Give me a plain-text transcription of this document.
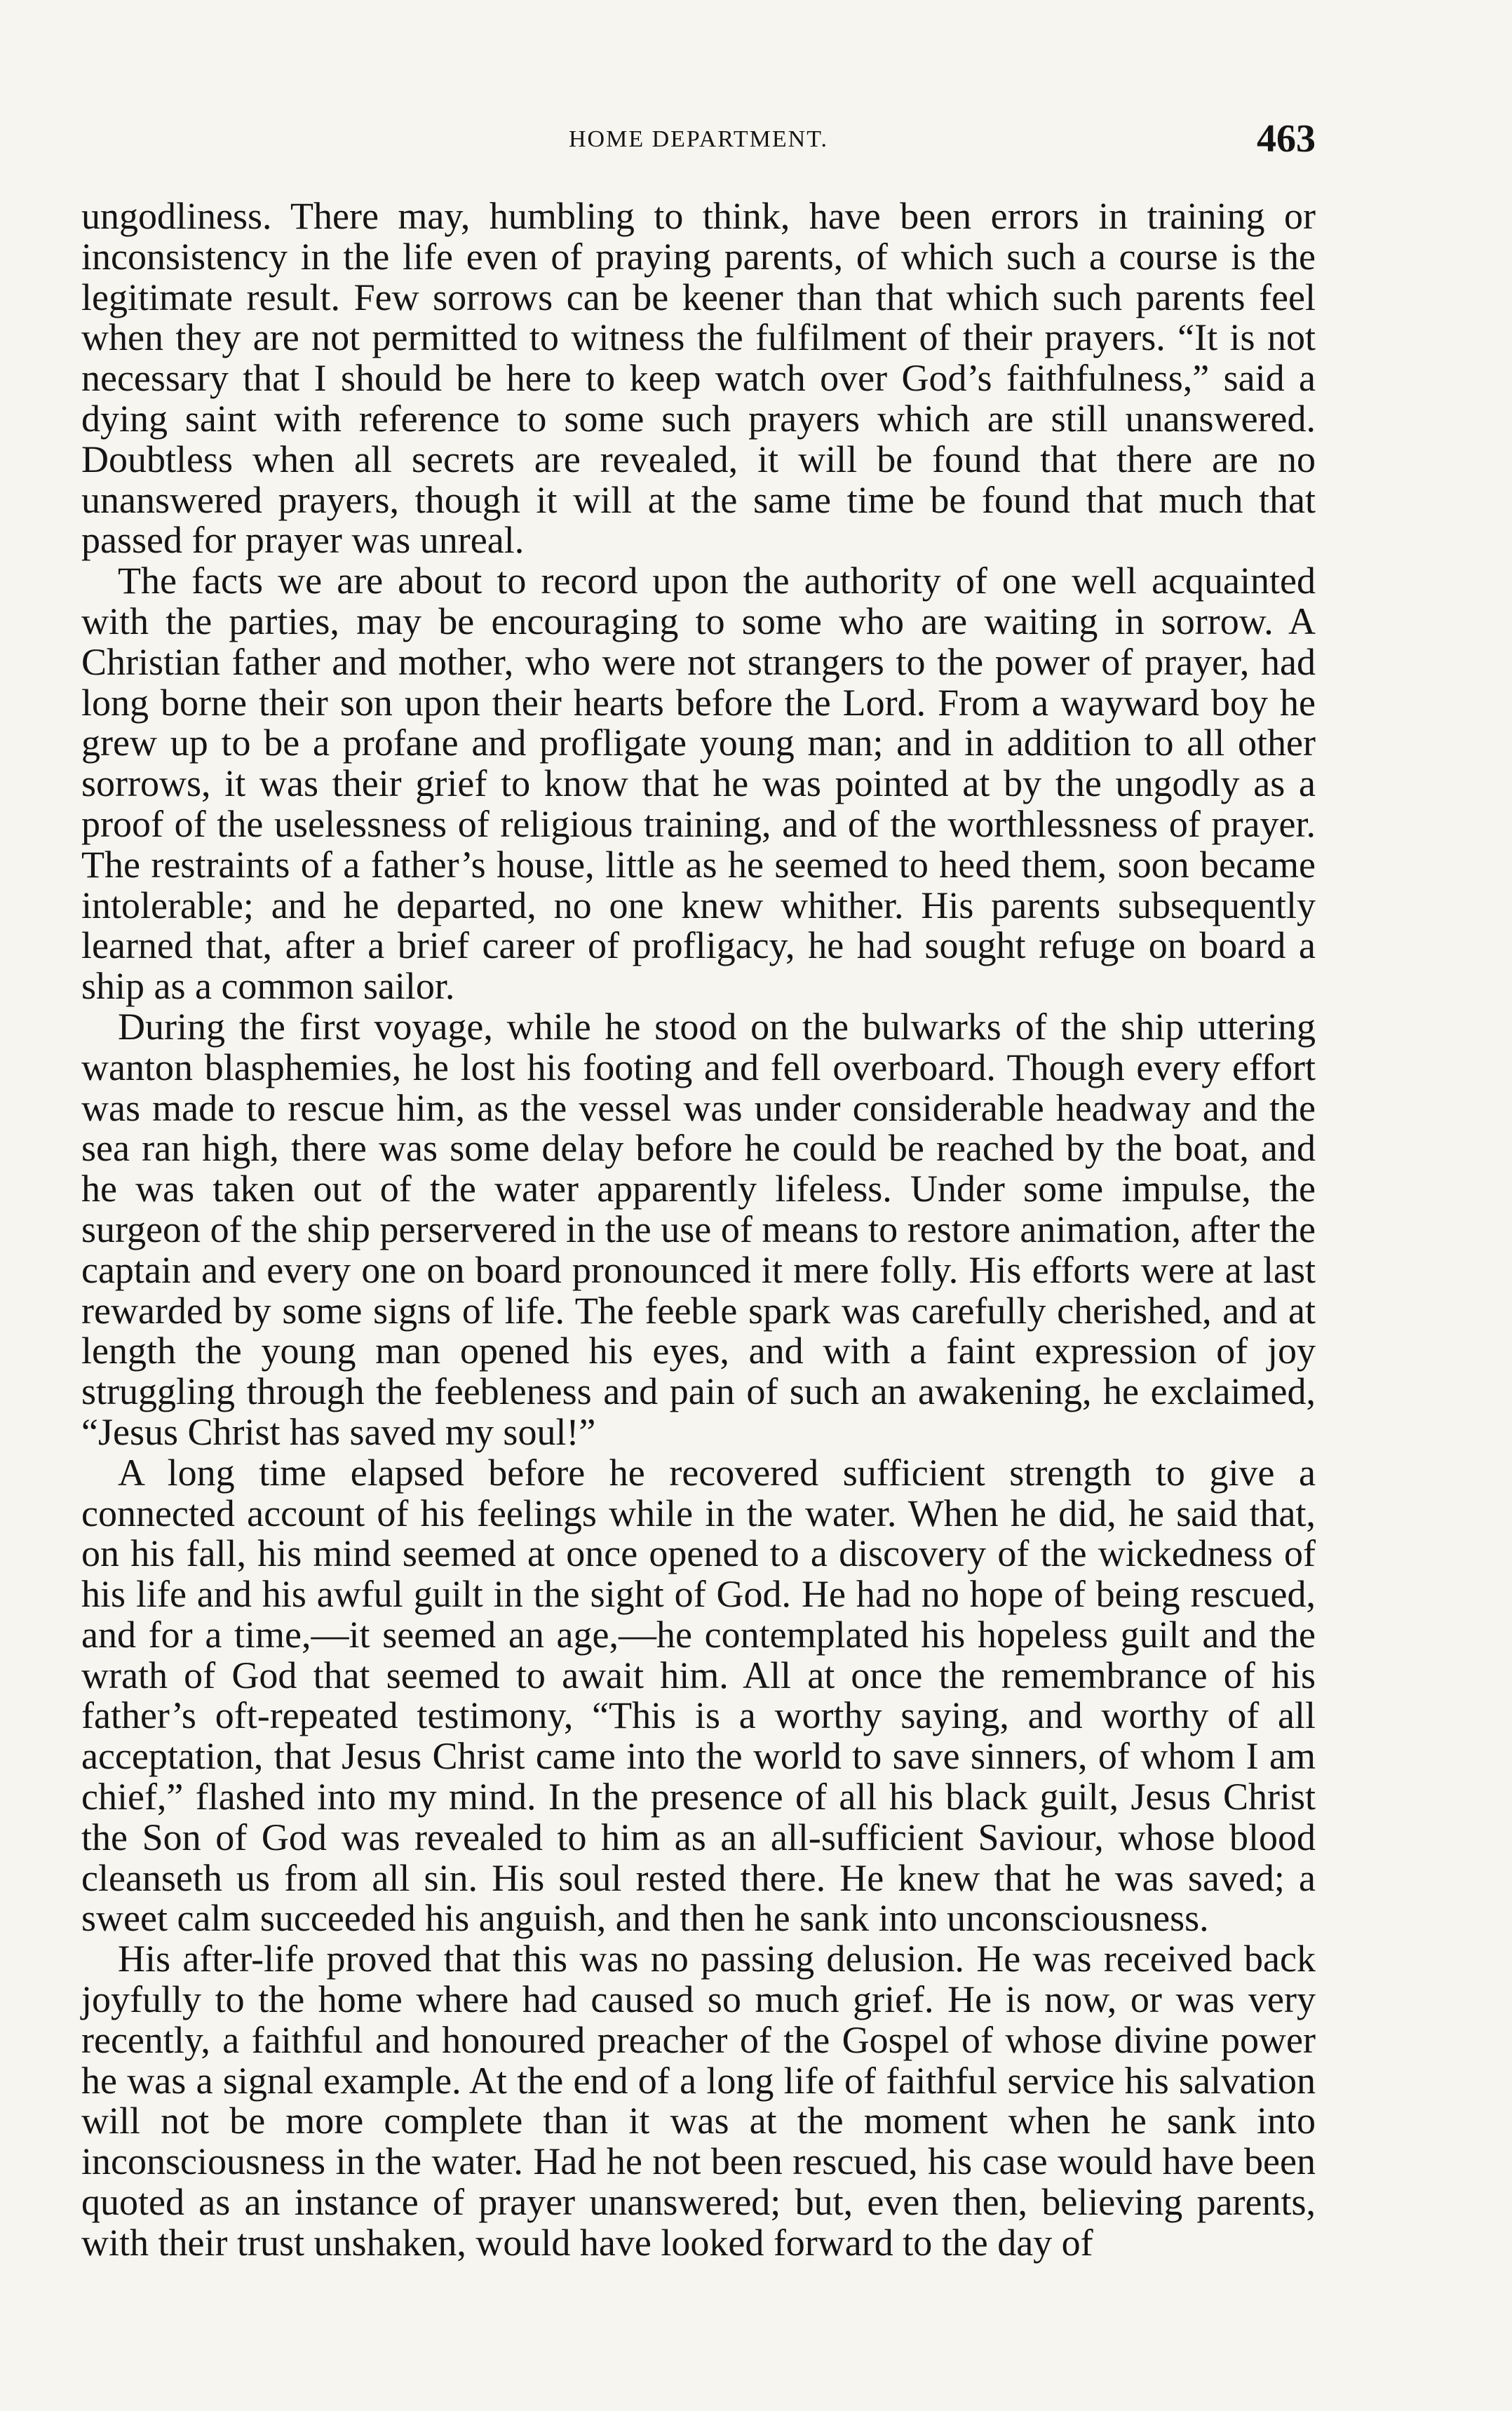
HOME DEPARTMENT.	463

ungodliness. There may, humbling to think, have been errors in training or inconsistency in the life even of praying parents, of which such a course is the legitimate result. Few sorrows can be keener than that which such parents feel when they are not permitted to witness the fulfilment of their prayers. “It is not necessary that I should be here to keep watch over God’s faithfulness,” said a dying saint with reference to some such prayers which are still unanswered. Doubtless when all secrets are revealed, it will be found that there are no unanswered prayers, though it will at the same time be found that much that passed for prayer was unreal.

The facts we are about to record upon the authority of one well acquainted with the parties, may be encouraging to some who are waiting in sorrow. A Christian father and mother, who were not strangers to the power of prayer, had long borne their son upon their hearts before the Lord. From a wayward boy he grew up to be a profane and profligate young man; and in addition to all other sorrows, it was their grief to know that he was pointed at by the ungodly as a proof of the uselessness of religious training, and of the worthlessness of prayer. The restraints of a father’s house, little as he seemed to heed them, soon became intolerable; and he departed, no one knew whither. His parents subsequently learned that, after a brief career of profligacy, he had sought refuge on board a ship as a common sailor.

During the first voyage, while he stood on the bulwarks of the ship uttering wanton blasphemies, he lost his footing and fell overboard. Though every effort was made to rescue him, as the vessel was under considerable headway and the sea ran high, there was some delay before he could be reached by the boat, and he was taken out of the water apparently lifeless. Under some impulse, the surgeon of the ship perservered in the use of means to restore animation, after the captain and every one on board pronounced it mere folly. His efforts were at last rewarded by some signs of life. The feeble spark was carefully cherished, and at length the young man opened his eyes, and with a faint expression of joy struggling through the feebleness and pain of such an awakening, he exclaimed, “Jesus Christ has saved my soul!”

A long time elapsed before he recovered sufficient strength to give a connected account of his feelings while in the water. When he did, he said that, on his fall, his mind seemed at once opened to a discovery of the wickedness of his life and his awful guilt in the sight of God. He had no hope of being rescued, and for a time,—it seemed an age,—he contemplated his hopeless guilt and the wrath of God that seemed to await him. All at once the remembrance of his father’s oft-repeated testimony, “This is a worthy saying, and worthy of all acceptation, that Jesus Christ came into the world to save sinners, of whom I am chief,” flashed into my mind. In the presence of all his black guilt, Jesus Christ the Son of God was revealed to him as an all-sufficient Saviour, whose blood cleanseth us from all sin. His soul rested there. He knew that he was saved; a sweet calm succeeded his anguish, and then he sank into unconsciousness.

His after-life proved that this was no passing delusion. He was received back joyfully to the home where had caused so much grief. He is now, or was very recently, a faithful and honoured preacher of the Gospel of whose divine power he was a signal example. At the end of a long life of faithful service his salvation will not be more complete than it was at the moment when he sank into inconsciousness in the water. Had he not been rescued, his case would have been quoted as an instance of prayer unanswered; but, even then, believing parents, with their trust unshaken, would have looked forward to the day of
